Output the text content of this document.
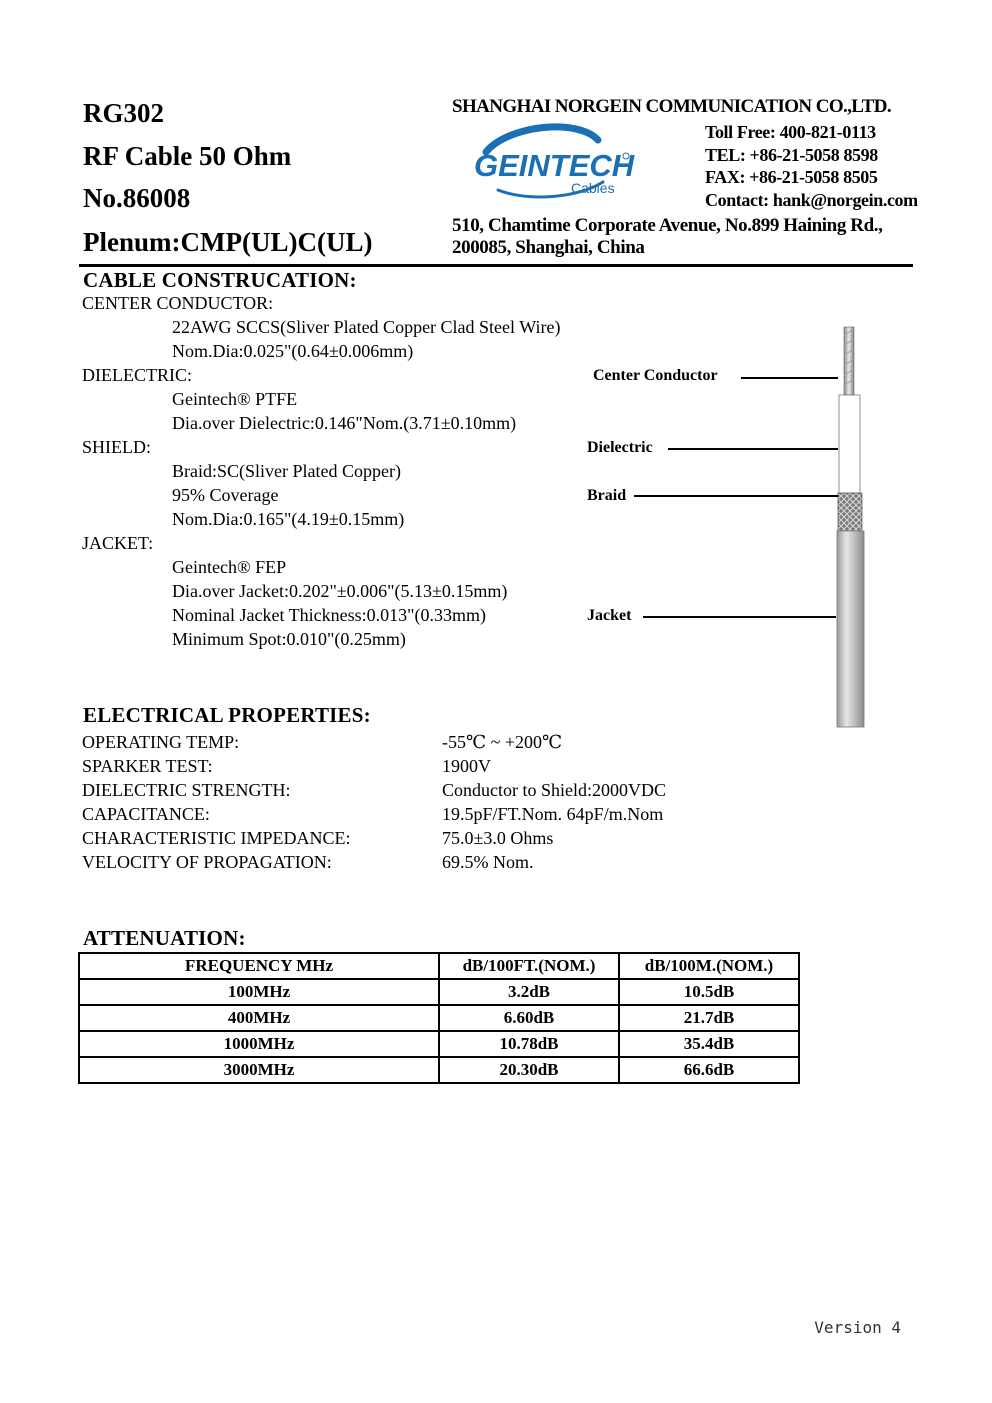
RG302
RF Cable 50 Ohm
No.86008
Plenum:CMP(UL)C(UL)
SHANGHAI NORGEIN COMMUNICATION CO.,LTD.
GEINTECH
Cables
Toll Free: 400-821-0113
TEL: +86-21-5058 8598
FAX: +86-21-5058 8505
Contact: hank@norgein.com
510, Chamtime Corporate Avenue, No.899 Haining Rd.,
200085, Shanghai, China
CABLE CONSTRUCATION:
CENTER CONDUCTOR:
22AWG SCCS(Sliver Plated Copper Clad Steel Wire)
Nom.Dia:0.025"(0.64±0.006mm)
DIELECTRIC:
Geintech® PTFE
Dia.over Dielectric:0.146"Nom.(3.71±0.10mm)
SHIELD:
Braid:SC(Sliver Plated Copper)
95% Coverage
Nom.Dia:0.165"(4.19±0.15mm)
JACKET:
Geintech® FEP
Dia.over Jacket:0.202"±0.006"(5.13±0.15mm)
Nominal Jacket Thickness:0.013"(0.33mm)
Minimum Spot:0.010"(0.25mm)
Center Conductor
Dielectric
Braid
Jacket
ELECTRICAL PROPERTIES:
OPERATING TEMP:	-55℃ ~ +200℃
SPARKER TEST:	1900V
DIELECTRIC STRENGTH:	Conductor to Shield:2000VDC
CAPACITANCE:	19.5pF/FT.Nom. 64pF/m.Nom
CHARACTERISTIC IMPEDANCE:	75.0±3.0 Ohms
VELOCITY OF PROPAGATION:	69.5% Nom.
ATTENUATION:
FREQUENCY MHz	dB/100FT.(NOM.)	dB/100M.(NOM.)
100MHz	3.2dB	10.5dB
400MHz	6.60dB	21.7dB
1000MHz	10.78dB	35.4dB
3000MHz	20.30dB	66.6dB
Version 4
